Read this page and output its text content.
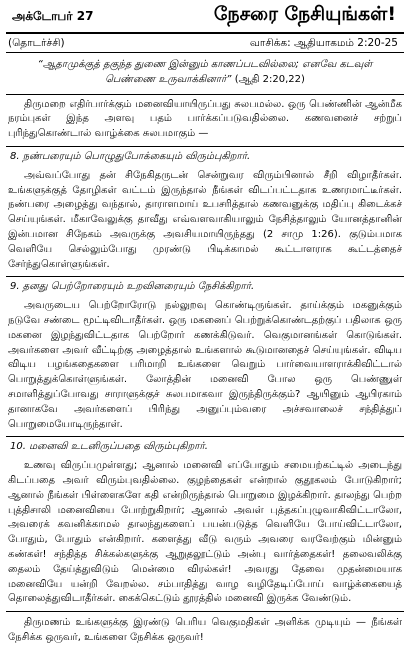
அக்டோபர் 27	நேசரை நேசியுங்கள்!
(தொடர்ச்சி)	வாசிக்க: ஆதியாகமம் 2:20-25
“ஆதாமுக்குத் தகுந்த துணை இன்னும் காணப்படவில்லை; எனவே கடவுள் பெண்ணை உருவாக்கினார்” (ஆதி 2:20,22)

திருமறை எதிர்பார்க்கும் மனைவியாயிருப்பது சுலபமல்ல. ஒரு பெண்ணின் ஆன்மீக நரம்புகள் இந்த அளவு பதம் பார்க்கப்படுவதில்லை. கணவனைச் சற்றுப் புரிந்துகொண்டால் வாழ்க்கை சுலபமாகும் —

8. நண்பரையும் பொழுதுபோக்கையும் விரும்புகிறார்.

அவ்வப்போது தன் சிநேகிதருடன் சென்றுவர விரும்பினால் சீறி விழாதீர்கள். உங்களுக்குத் தோழிகள் வட்டம் இருந்தால் நீங்கள் விடப்பட்டதாக உணரமாட்டீர்கள். நண்பரை அழைத்து வந்தால், தாராளமாய் உபசரித்தால் கணவனுக்கு மதிப்பு கிடைக்கச் செய்யுங்கள். மீகாவேலுக்கு தாவீது எவ்வளவாகியாலும் நேசித்தாலும் யோனத்தானின் இன்பமான சிநேகம் அவருக்கு அவசியமாயிருந்தது (2 சாமு 1:26). குடும்பமாக வெளியே செல்லும்போது முரண்டு பிடிக்காமல் கூட்டாளராக கூட்டத்தைச் சேர்ந்துகொள்ளுங்கள்.

9. தனது பெற்றோரையும் உறவினரையும் நேசிக்கிறார்.

அவருடைய பெற்றோரோடு நல்லுறவு கொண்டிருங்கள். தாய்க்கும் மகனுக்கும் நடுவே சண்டை மூட்டிவிடாதீர்கள். ஒரு மகனைப் பெற்றுக்கொண்டதற்குப் பதிலாக ஒரு மகனை இழந்துவிட்டதாக பெற்றோர் கணக்கிடுவர். வெகுமானங்கள் கொடுங்கள். அவர்களை அவர் வீட்டிற்கு அழைத்தால் உங்களால் கூடுமானதைச் செய்யுங்கள். விடிய விடிய பழங்கதைகளை பரிமாறி உங்களை வெறும் பார்வையாளராக்கிவிட்டால் பொறுத்துக்கொள்ளுங்கள். லோத்தின் மனைவி போல ஒரு பெண்ணுள் சமாளித்துப்போவது சாராளுக்குச் சுலபமாகவா இருந்திருக்கும்? ஆயினும் ஆபிரகாம் தானாகவே அவர்களைப் பிரிந்து அனுப்பும்வரை அச்சவாலைச் சந்தித்துப் பொறுமையோடிருந்தாள்.

10. மனைவி உடனிருப்பதை விரும்புகிறார்.

உணவு விருப்பமுள்ளது; ஆனால் மனைவி எப்போதும் சமையற்கட்டில் அடைந்து கிடப்பதை அவர் விரும்புவதில்லை. குழந்தைகள் என்றால் குதூகலம் போடுகிறார்; ஆனால் நீங்கள் பிள்ளைகளே கதி என்றிருந்தால் பொறுமை இழக்கிறார். தாலந்து பெற்ற புத்திசாலி மனைவியை போற்றுகிறார்; ஆனால் அவள் புத்தகப்புழுவாகிவிட்டாலோ, அவரைக் கவனிக்காமல் தாலந்துகளைப் பயன்படுத்த வெளியே போய்விட்டாலோ, போதும், போதும் என்கிறார். களைத்து வீடு வரும் அவரை வரவேற்கும் மின்னும் கண்கள்! சந்தித்த சிக்கல்களுக்கு ஆறுதலூட்டும் அன்பு வார்த்தைகள்! தலைவலிக்கு தைலம் தேய்த்துவிடும் மென்மை விரல்கள்! அவரது தேவை முதன்மையாக மனைவியே யன்றி வேறல்ல. சம்பாதித்து வாழ வழிதேடிப்போய் வாழ்க்கையைத் தொலைத்துவிடாதீர்கள். கைக்கெட்டும் தூரத்தில் மனைவி இருக்க வேண்டும்.

திருமணம் உங்களுக்கு இரண்டு பெரிய வெகுமதிகள் அளிக்க முடியும் — நீங்கள் நேசிக்க ஒருவர், உங்களை நேசிக்க ஒருவர்!
